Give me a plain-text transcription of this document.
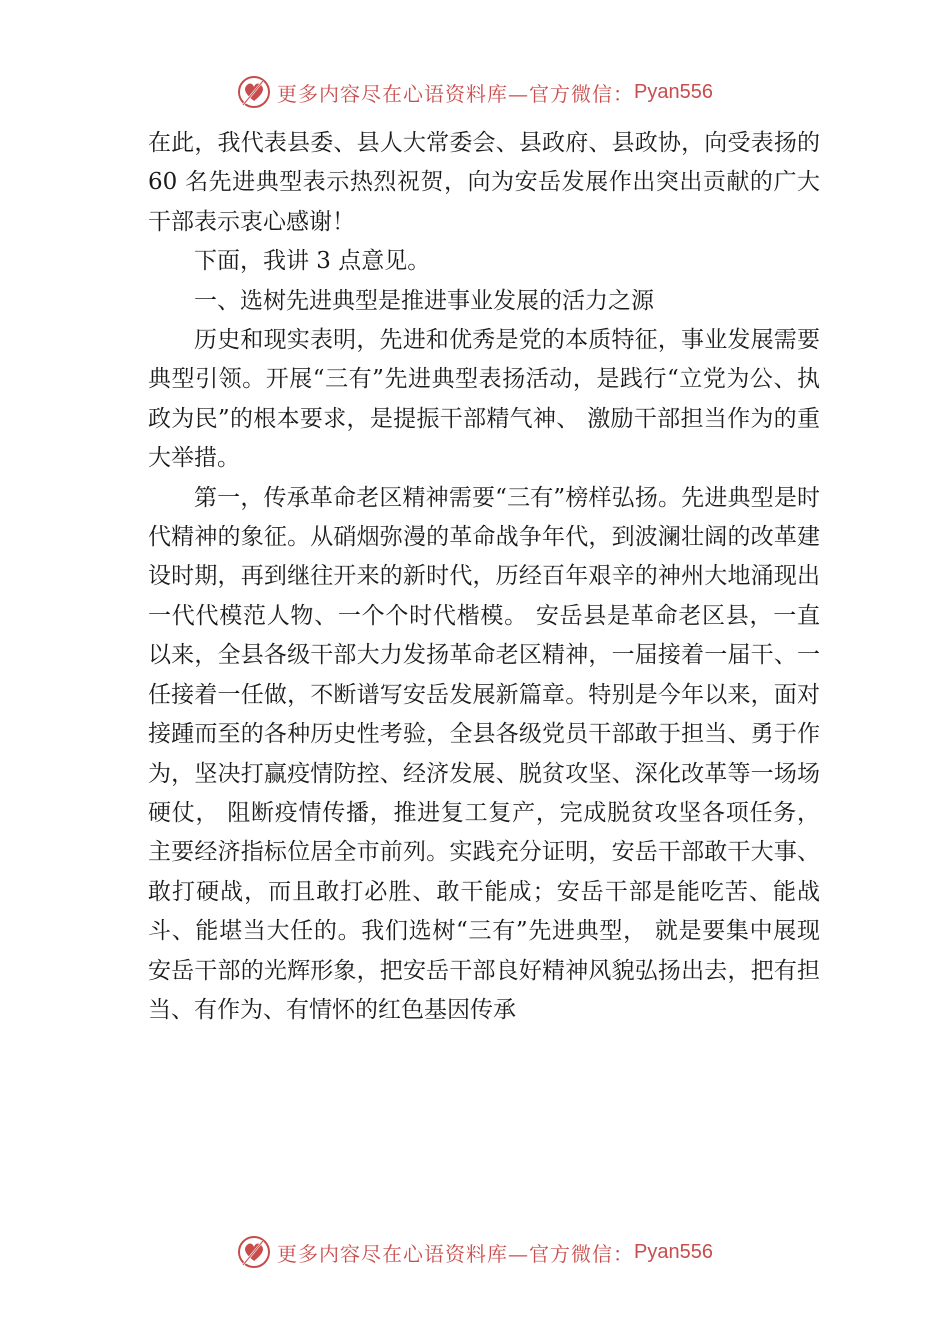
更多内容尽在心语资料库—官方微信： Pyan556

在此，我代表县委、县人大常委会、县政府、县政协，向受表扬的 60 名先进典型表示热烈祝贺，向为安岳发展作出突出贡献的广大干部表示衷心感谢！

下面，我讲 3 点意见。

一、选树先进典型是推进事业发展的活力之源

历史和现实表明，先进和优秀是党的本质特征，事业发展需要典型引领。开展“三有”先进典型表扬活动，是践行“立党为公、执政为民”的根本要求，是提振干部精气神、 激励干部担当作为的重大举措。

第一，传承革命老区精神需要“三有”榜样弘扬。先进典型是时代精神的象征。从硝烟弥漫的革命战争年代，到波澜壮阔的改革建设时期，再到继往开来的新时代，历经百年艰辛的神州大地涌现出一代代模范人物、一个个时代楷模。 安岳县是革命老区县，一直以来，全县各级干部大力发扬革命老区精神，一届接着一届干、一任接着一任做，不断谱写安岳发展新篇章。特别是今年以来，面对接踵而至的各种历史性考验，全县各级党员干部敢于担当、勇于作为，坚决打赢疫情防控、经济发展、脱贫攻坚、深化改革等一场场硬仗， 阻断疫情传播，推进复工复产，完成脱贫攻坚各项任务，主要经济指标位居全市前列。实践充分证明，安岳干部敢干大事、敢打硬战，而且敢打必胜、敢干能成；安岳干部是能吃苦、能战斗、能堪当大任的。我们选树“三有”先进典型， 就是要集中展现安岳干部的光辉形象，把安岳干部良好精神风貌弘扬出去，把有担当、有作为、有情怀的红色基因传承

更多内容尽在心语资料库—官方微信： Pyan556
